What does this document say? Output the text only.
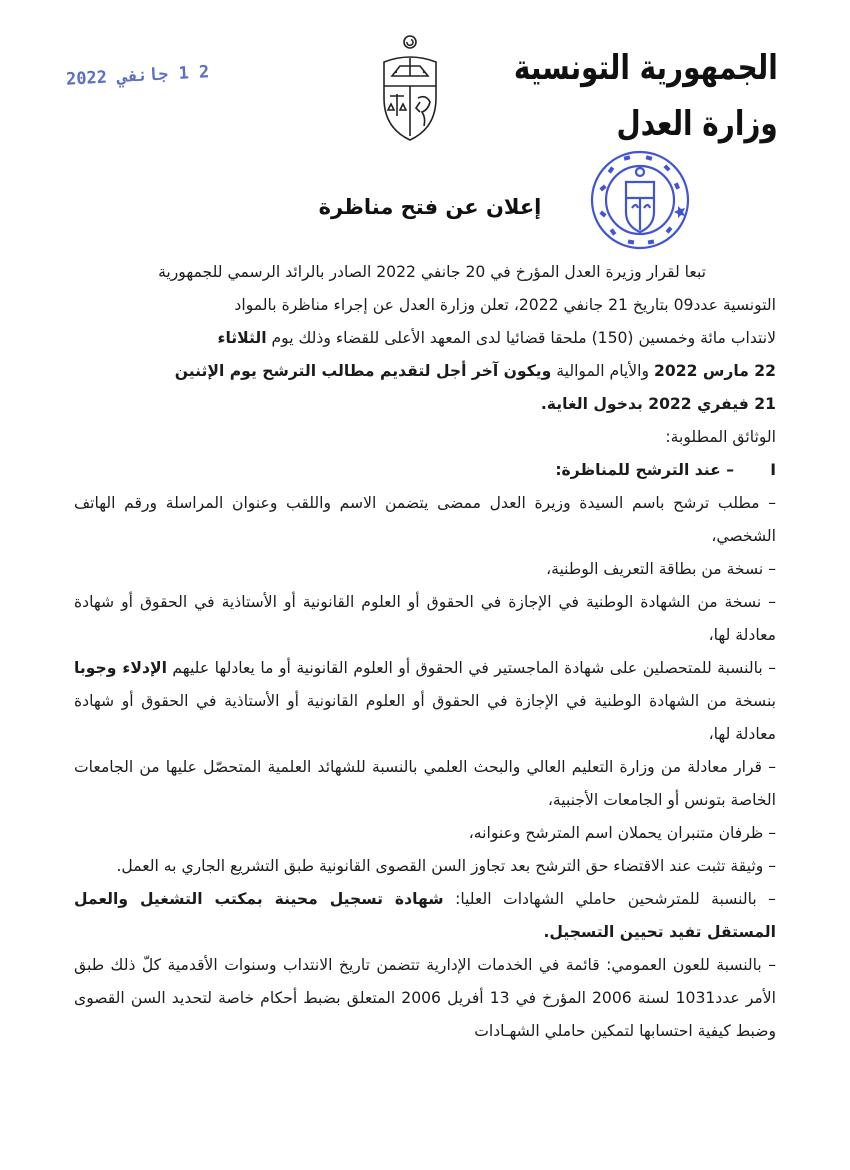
الجمهورية التونسية
وزارة العدل
2 1 جانفي 2022
إعلان عن فتح مناظرة

تبعا لقرار وزيرة العدل المؤرخ في 20 جانفي 2022 الصادر بالرائد الرسمي للجمهورية

التونسية عدد09 بتاريخ 21 جانفي 2022، تعلن وزارة العدل عن إجراء مناظرة بالمواد

لانتداب مائة وخمسين (150) ملحقا قضائيا لدى المعهد الأعلى للقضاء وذلك يوم الثلاثاء

22 مارس 2022 والأيام الموالية ويكون آخر أجل لتقديم مطالب الترشح يوم الإثنين

21 فيفري 2022 بدخول الغاية.

الوثائق المطلوبة:

I– عند الترشح للمناظرة:

– مطلب ترشح باسم السيدة وزيرة العدل ممضى يتضمن الاسم واللقب وعنوان المراسلة ورقم الهاتف الشخصي،

– نسخة من بطاقة التعريف الوطنية،

– نسخة من الشهادة الوطنية في الإجازة في الحقوق أو العلوم القانونية أو الأستاذية في الحقوق أو شهادة معادلة لها،

– بالنسبة للمتحصلين على شهادة الماجستير في الحقوق أو العلوم القانونية أو ما يعادلها عليهم الإدلاء وجوبا بنسخة من الشهادة الوطنية في الإجازة في الحقوق أو العلوم القانونية أو الأستاذية في الحقوق أو شهادة معادلة لها،

– قرار معادلة من وزارة التعليم العالي والبحث العلمي بالنسبة للشهائد العلمية المتحصّل عليها من الجامعات الخاصة بتونس أو الجامعات الأجنبية،

– ظرفان متنبران يحملان اسم المترشح وعنوانه،

– وثيقة تثبت عند الاقتضاء حق الترشح بعد تجاوز السن القصوى القانونية طبق التشريع الجاري به العمل.

– بالنسبة للمترشحين حاملي الشهادات العليا: شهادة تسجيل محينة بمكتب التشغيل والعمل المستقل تفيد تحيين التسجيل.

– بالنسبة للعون العمومي: قائمة في الخدمات الإدارية تتضمن تاريخ الانتداب وسنوات الأقدمية كلّ ذلك طبق الأمر عدد1031 لسنة 2006 المؤرخ في 13 أفريل 2006 المتعلق بضبط أحكام خاصة لتحديد السن القصوى وضبط كيفية احتسابها لتمكين حاملي الشهـادات
